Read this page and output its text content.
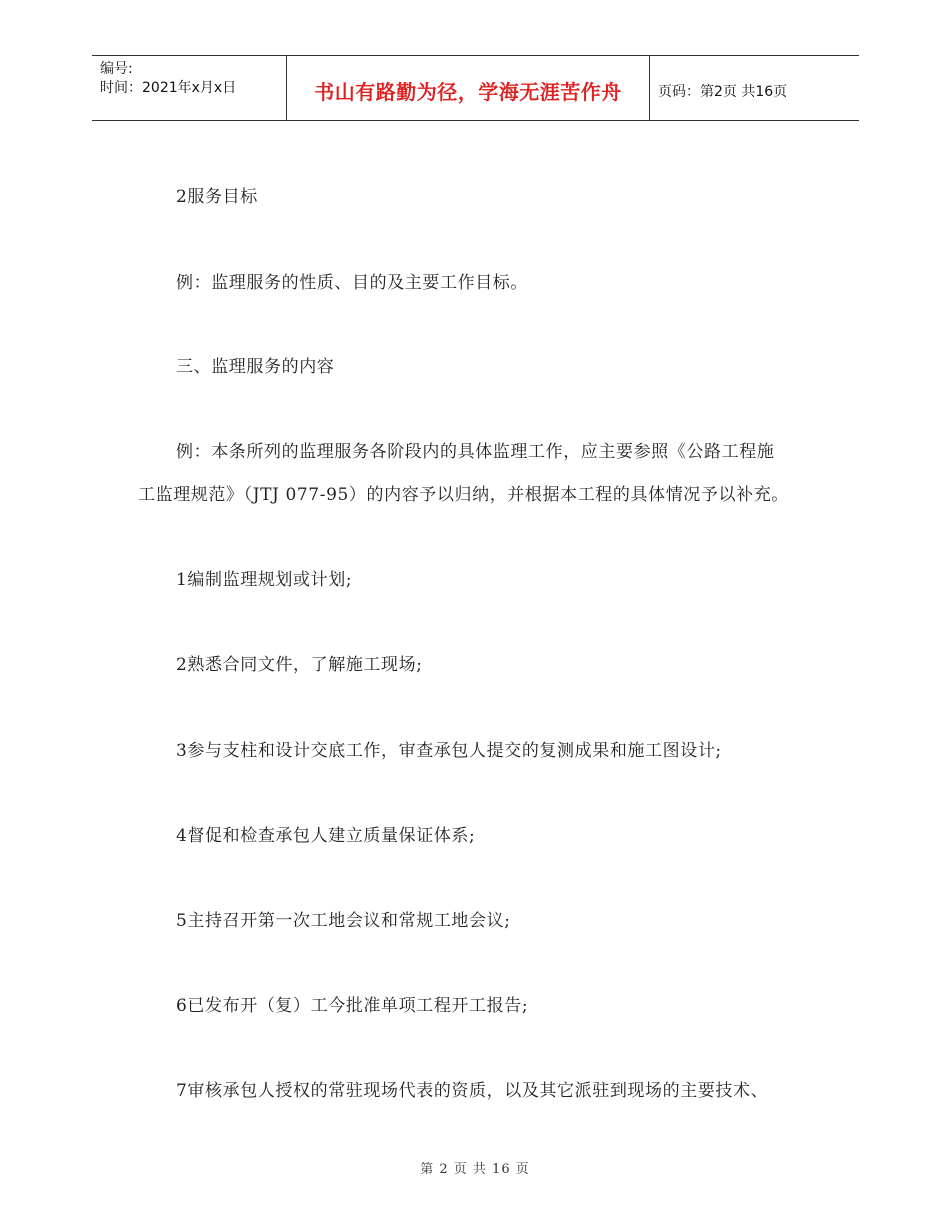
编号:
时间：2021年x月x日	书山有路勤为径，学海无涯苦作舟	页码：第2页 共16页
2服务目标
例：监理服务的性质、目的及主要工作目标。
三、监理服务的内容
例：本条所列的监理服务各阶段内的具体监理工作，应主要参照《公路工程施
工监理规范》（JTJ 077-95）的内容予以归纳，并根据本工程的具体情况予以补充。
1编制监理规划或计划;
2熟悉合同文件，了解施工现场;
3参与支柱和设计交底工作，审查承包人提交的复测成果和施工图设计;
4督促和检查承包人建立质量保证体系;
5主持召开第一次工地会议和常规工地会议;
6已发布开（复）工今批准单项工程开工报告;
7审核承包人授权的常驻现场代表的资质，以及其它派驻到现场的主要技术、
第 2 页 共 16 页
